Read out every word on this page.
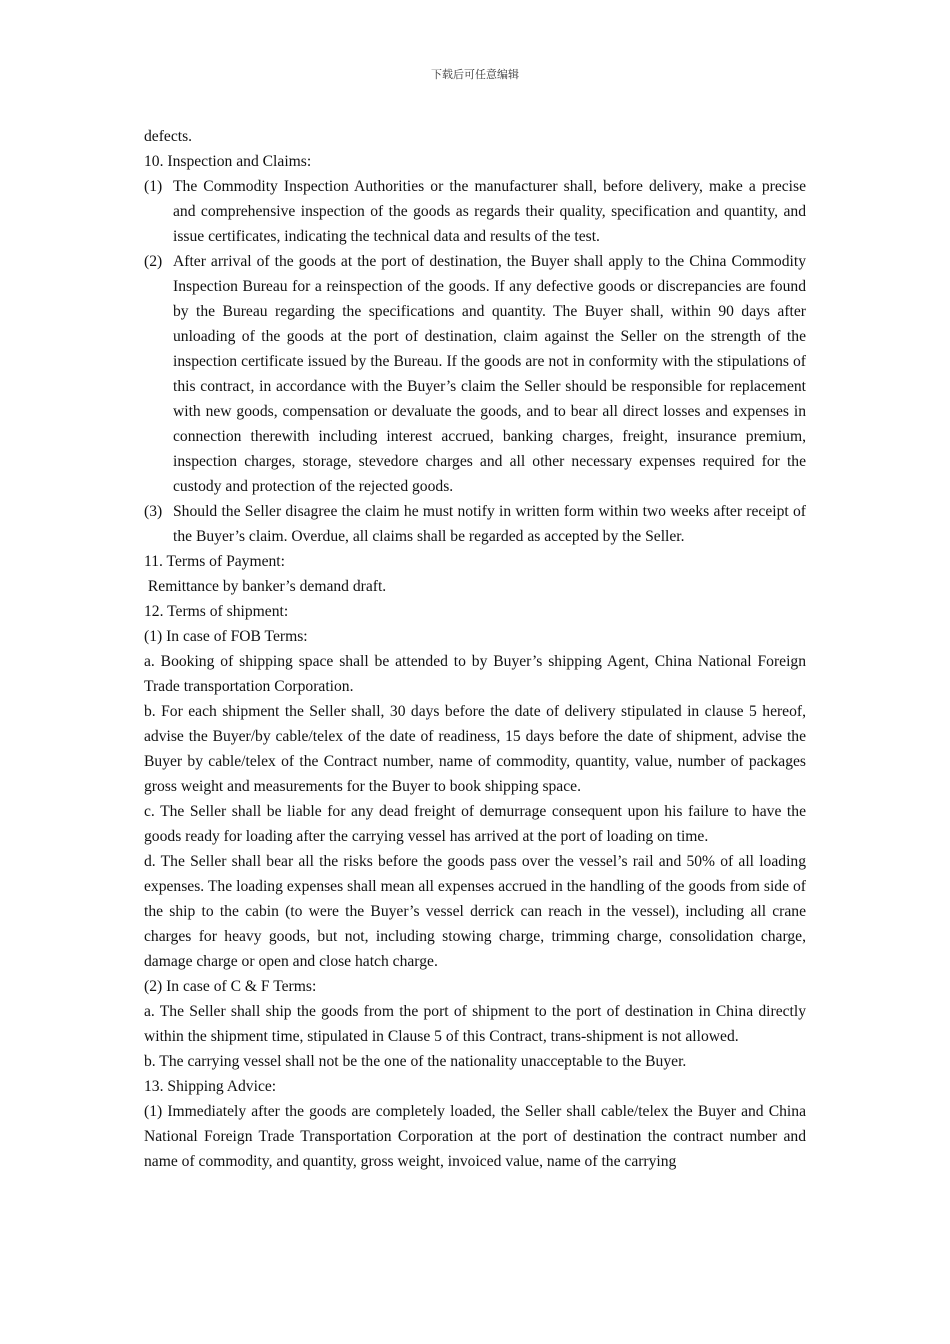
下载后可任意编辑

defects.

10. Inspection and Claims:

(1) The Commodity Inspection Authorities or the manufacturer shall, before delivery, make a precise and comprehensive inspection of the goods as regards their quality, specification and quantity, and issue certificates, indicating the technical data and results of the test.
(2) After arrival of the goods at the port of destination, the Buyer shall apply to the China Commodity Inspection Bureau for a reinspection of the goods. If any defective goods or discrepancies are found by the Bureau regarding the specifications and quantity. The Buyer shall, within 90 days after unloading of the goods at the port of destination, claim against the Seller on the strength of the inspection certificate issued by the Bureau. If the goods are not in conformity with the stipulations of this contract, in accordance with the Buyer’s claim the Seller should be responsible for replacement with new goods, compensation or devaluate the goods, and to bear all direct losses and expenses in connection therewith including interest accrued, banking charges, freight, insurance premium, inspection charges, storage, stevedore charges and all other necessary expenses required for the custody and protection of the rejected goods.
(3) Should the Seller disagree the claim he must notify in written form within two weeks after receipt of the Buyer’s claim. Overdue, all claims shall be regarded as accepted by the Seller.

11. Terms of Payment:

Remittance by banker’s demand draft.

12. Terms of shipment:

(1) In case of FOB Terms:

a. Booking of shipping space shall be attended to by Buyer’s shipping Agent, China National Foreign Trade transportation Corporation.

b. For each shipment the Seller shall, 30 days before the date of delivery stipulated in clause 5 hereof, advise the Buyer/by cable/telex of the date of readiness, 15 days before the date of shipment, advise the Buyer by cable/telex of the Contract number, name of commodity, quantity, value, number of packages gross weight and measurements for the Buyer to book shipping space.

c. The Seller shall be liable for any dead freight of demurrage consequent upon his failure to have the goods ready for loading after the carrying vessel has arrived at the port of loading on time.

d. The Seller shall bear all the risks before the goods pass over the vessel’s rail and 50% of all loading expenses. The loading expenses shall mean all expenses accrued in the handling of the goods from side of the ship to the cabin (to were the Buyer’s vessel derrick can reach in the vessel), including all crane charges for heavy goods, but not, including stowing charge, trimming charge, consolidation charge, damage charge or open and close hatch charge.

(2) In case of C & F Terms:

a. The Seller shall ship the goods from the port of shipment to the port of destination in China directly within the shipment time, stipulated in Clause 5 of this Contract, trans-shipment is not allowed.

b. The carrying vessel shall not be the one of the nationality unacceptable to the Buyer.

13. Shipping Advice:

(1) Immediately after the goods are completely loaded, the Seller shall cable/telex the Buyer and China National Foreign Trade Transportation Corporation at the port of destination the contract number and name of commodity, and quantity, gross weight, invoiced value, name of the carrying
